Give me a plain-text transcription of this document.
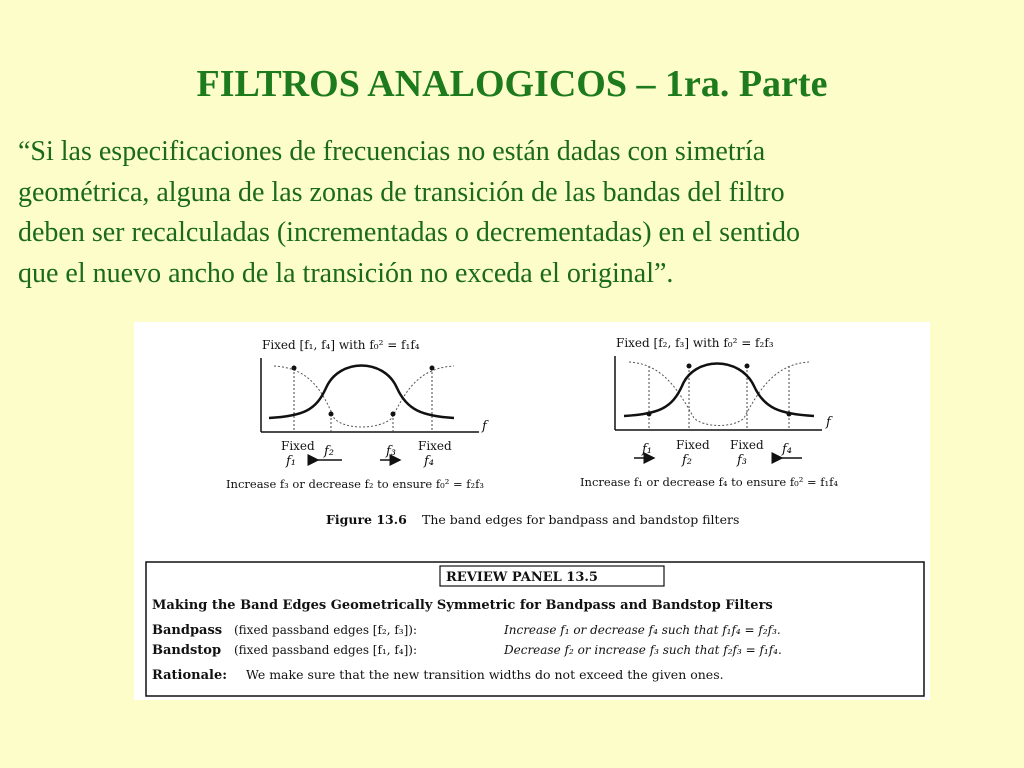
FILTROS ANALOGICOS – 1ra. Parte
“Si las especificaciones de frecuencias no están dadas con simetría
geométrica, alguna de las zonas de transición de las bandas del filtro
deben ser recalculadas (incrementadas o decrementadas) en el sentido
que el nuevo ancho de la transición no exceda el original”.
Fixed [f₁, f₄] with f₀² = f₁f₄
f
Fixed
f₁
f₂	f₃ Fixed
f₄
Increase f₃ or decrease f₂ to ensure f₀² = f₂f₃
Fixed [f₂, f₃] with f₀² = f₂f₃
f
f₁ Fixed
f₂
Fixed
f₃
f₄
Increase f₁ or decrease f₄ to ensure f₀² = f₁f₄
Figure 13.6 The band edges for bandpass and bandstop filters
REVIEW PANEL 13.5
Making the Band Edges Geometrically Symmetric for Bandpass and Bandstop Filters
Bandpass (fixed passband edges [f₂, f₃]):	Increase f₁ or decrease f₄ such that f₁f₄ = f₂f₃.
Bandstop (fixed passband edges [f₁, f₄]):	Decrease f₂ or increase f₃ such that f₂f₃ = f₁f₄.
Rationale: We make sure that the new transition widths do not exceed the given ones.
